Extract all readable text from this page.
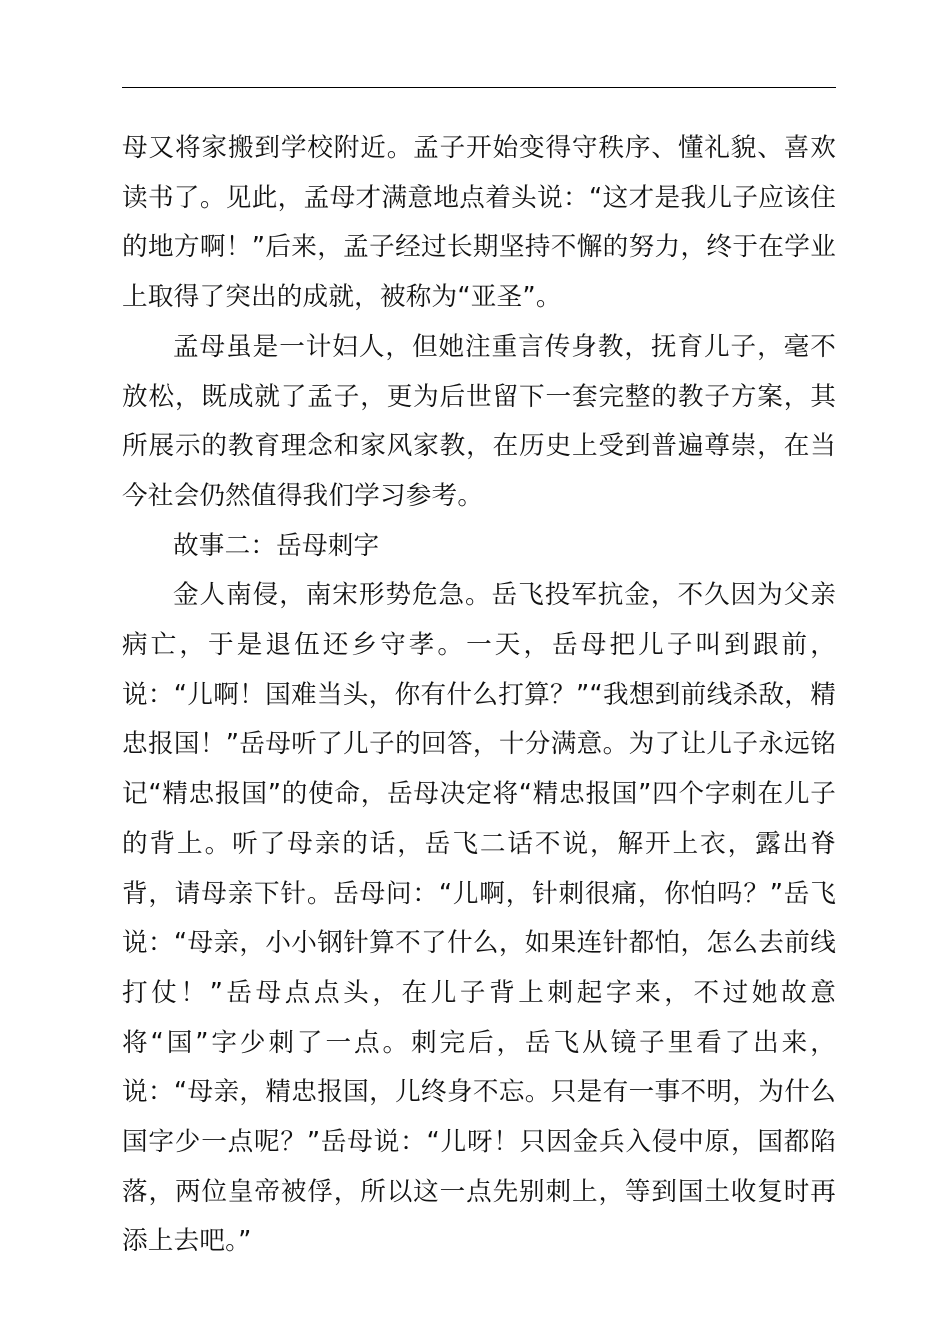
母又将家搬到学校附近。孟子开始变得守秩序、懂礼貌、喜欢读书了。见此，孟母才满意地点着头说：“这才是我儿子应该住的地方啊！”后来，孟子经过长期坚持不懈的努力，终于在学业上取得了突出的成就，被称为“亚圣”。

孟母虽是一计妇人，但她注重言传身教，抚育儿子，毫不放松，既成就了孟子，更为后世留下一套完整的教子方案，其所展示的教育理念和家风家教，在历史上受到普遍尊崇，在当今社会仍然值得我们学习参考。

故事二：岳母刺字

金人南侵，南宋形势危急。岳飞投军抗金，不久因为父亲病亡，于是退伍还乡守孝。一天，岳母把儿子叫到跟前，说：“儿啊！国难当头，你有什么打算？”“我想到前线杀敌，精忠报国！”岳母听了儿子的回答，十分满意。为了让儿子永远铭记“精忠报国”的使命，岳母决定将“精忠报国”四个字刺在儿子的背上。听了母亲的话，岳飞二话不说，解开上衣，露出脊背，请母亲下针。岳母问：“儿啊，针刺很痛，你怕吗？”岳飞说：“母亲，小小钢针算不了什么，如果连针都怕，怎么去前线打仗！”岳母点点头，在儿子背上刺起字来，不过她故意将“国”字少刺了一点。刺完后，岳飞从镜子里看了出来，说：“母亲，精忠报国，儿终身不忘。只是有一事不明，为什么国字少一点呢？”岳母说：“儿呀！只因金兵入侵中原，国都陷落，两位皇帝被俘，所以这一点先别刺上，等到国土收复时再添上去吧。”
